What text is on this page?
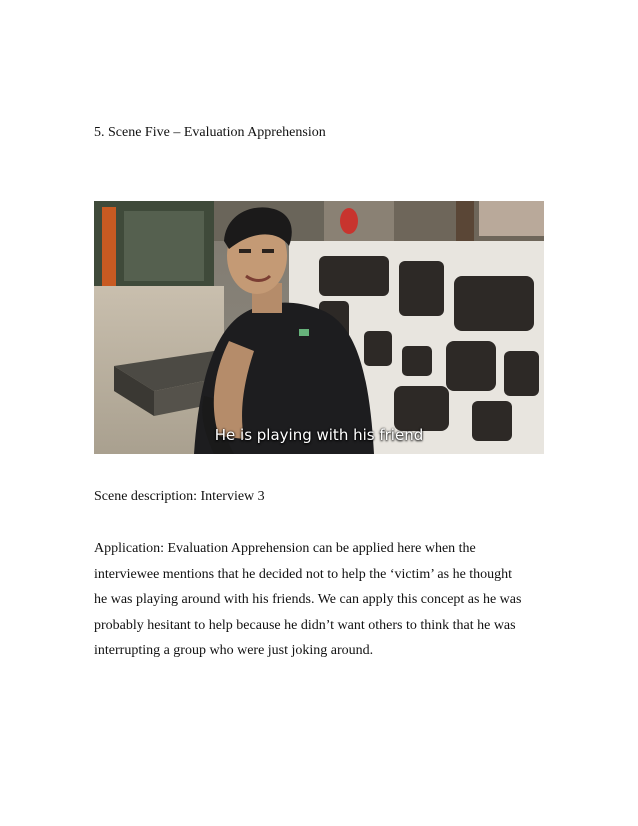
5. Scene Five – Evaluation Apprehension
He is playing with his friend
Scene description: Interview 3
Application: Evaluation Apprehension can be applied here when the
interviewee mentions that he decided not to help the ‘victim’ as he thought
he was playing around with his friends. We can apply this concept as he was
probably hesitant to help because he didn’t want others to think that he was
interrupting a group who were just joking around.
